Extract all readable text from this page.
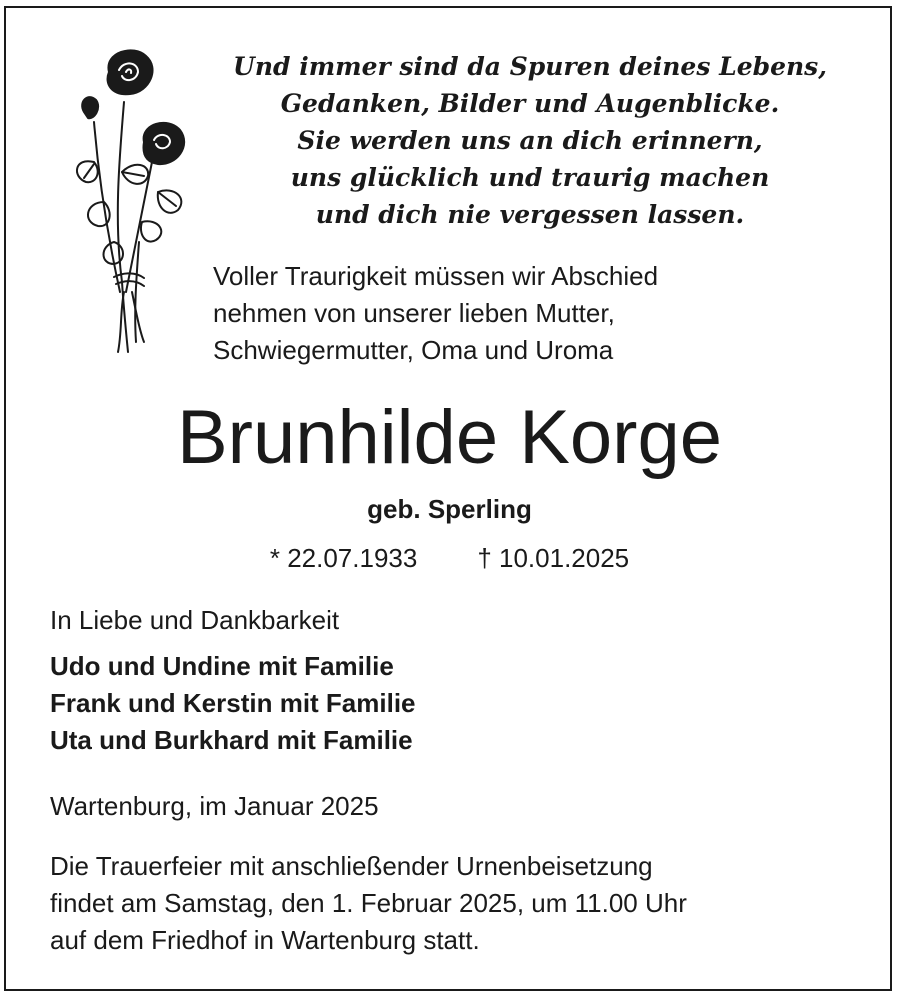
Und immer sind da Spuren deines Lebens,
Gedanken, Bilder und Augenblicke.
Sie werden uns an dich erinnern,
uns glücklich und traurig machen
und dich nie vergessen lassen.
Voller Traurigkeit müssen wir Abschied
nehmen von unserer lieben Mutter,
Schwiegermutter, Oma und Uroma
Brunhilde Korge
geb. Sperling
* 22.07.1933 † 10.01.2025
In Liebe und Dankbarkeit
Udo und Undine mit Familie
Frank und Kerstin mit Familie
Uta und Burkhard mit Familie
Wartenburg, im Januar 2025
Die Trauerfeier mit anschließender Urnenbeisetzung
findet am Samstag, den 1. Februar 2025, um 11.00 Uhr
auf dem Friedhof in Wartenburg statt.
